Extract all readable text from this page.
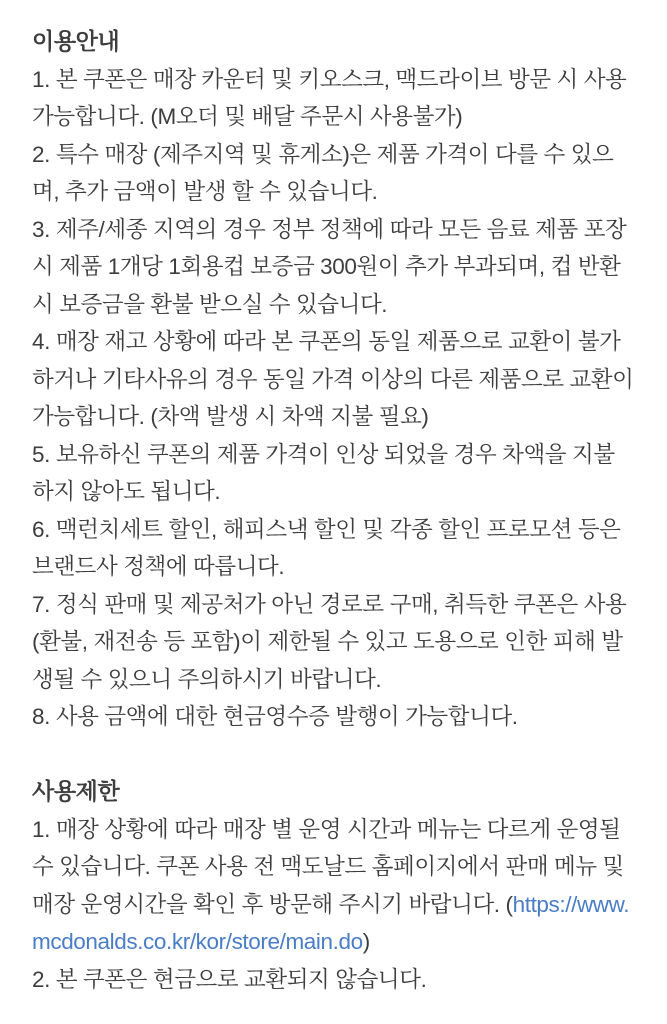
이용안내

1. 본 쿠폰은 매장 카운터 및 키오스크, 맥드라이브 방문 시 사용 가능합니다. (M오더 및 배달 주문시 사용불가)

2. 특수 매장 (제주지역 및 휴게소)은 제품 가격이 다를 수 있으며, 추가 금액이 발생 할 수 있습니다.

3. 제주/세종 지역의 경우 정부 정책에 따라 모든 음료 제품 포장 시 제품 1개당 1회용컵 보증금 300원이 추가 부과되며, 컵 반환 시 보증금을 환불 받으실 수 있습니다.

4. 매장 재고 상황에 따라 본 쿠폰의 동일 제품으로 교환이 불가하거나 기타사유의 경우 동일 가격 이상의 다른 제품으로 교환이 가능합니다. (차액 발생 시 차액 지불 필요)

5. 보유하신 쿠폰의 제품 가격이 인상 되었을 경우 차액을 지불하지 않아도 됩니다.

6. 맥런치세트 할인, 해피스낵 할인 및 각종 할인 프로모션 등은 브랜드사 정책에 따릅니다.

7. 정식 판매 및 제공처가 아닌 경로로 구매, 취득한 쿠폰은 사용(환불, 재전송 등 포함)이 제한될 수 있고 도용으로 인한 피해 발생될 수 있으니 주의하시기 바랍니다.

8. 사용 금액에 대한 현금영수증 발행이 가능합니다.

사용제한

1. 매장 상황에 따라 매장 별 운영 시간과 메뉴는 다르게 운영될 수 있습니다. 쿠폰 사용 전 맥도날드 홈페이지에서 판매 메뉴 및 매장 운영시간을 확인 후 방문해 주시기 바랍니다. (https://www.mcdonalds.co.kr/kor/store/main.do)

2. 본 쿠폰은 현금으로 교환되지 않습니다.
